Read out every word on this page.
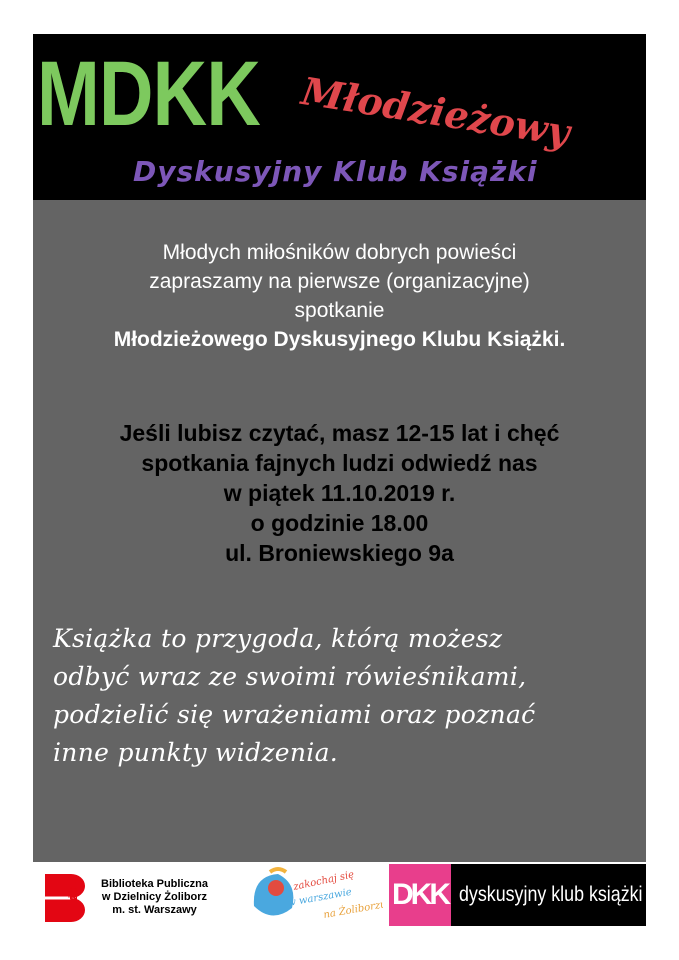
MDKK Młodzieżowy
Dyskusyjny Klub Książki
Młodych miłośników dobrych powieści
zapraszamy na pierwsze (organizacyjne)
spotkanie
Młodzieżowego Dyskusyjnego Klubu Książki.
Jeśli lubisz czytać, masz 12-15 lat i chęć
spotkania fajnych ludzi odwiedź nas
w piątek 11.10.2019 r.
o godzinie 18.00
ul. Broniewskiego 9a
Książka to przygoda, którą możesz
odbyć wraz ze swoimi rówieśnikami,
podzielić się wrażeniami oraz poznać
inne punkty widzenia.
ŻOLI Biblioteka Publiczna
w Dzielnicy Żoliborz
m. st. Warszawy
zakochaj się
w warszawie
na Żoliborzu DKK dyskusyjny klub książki
